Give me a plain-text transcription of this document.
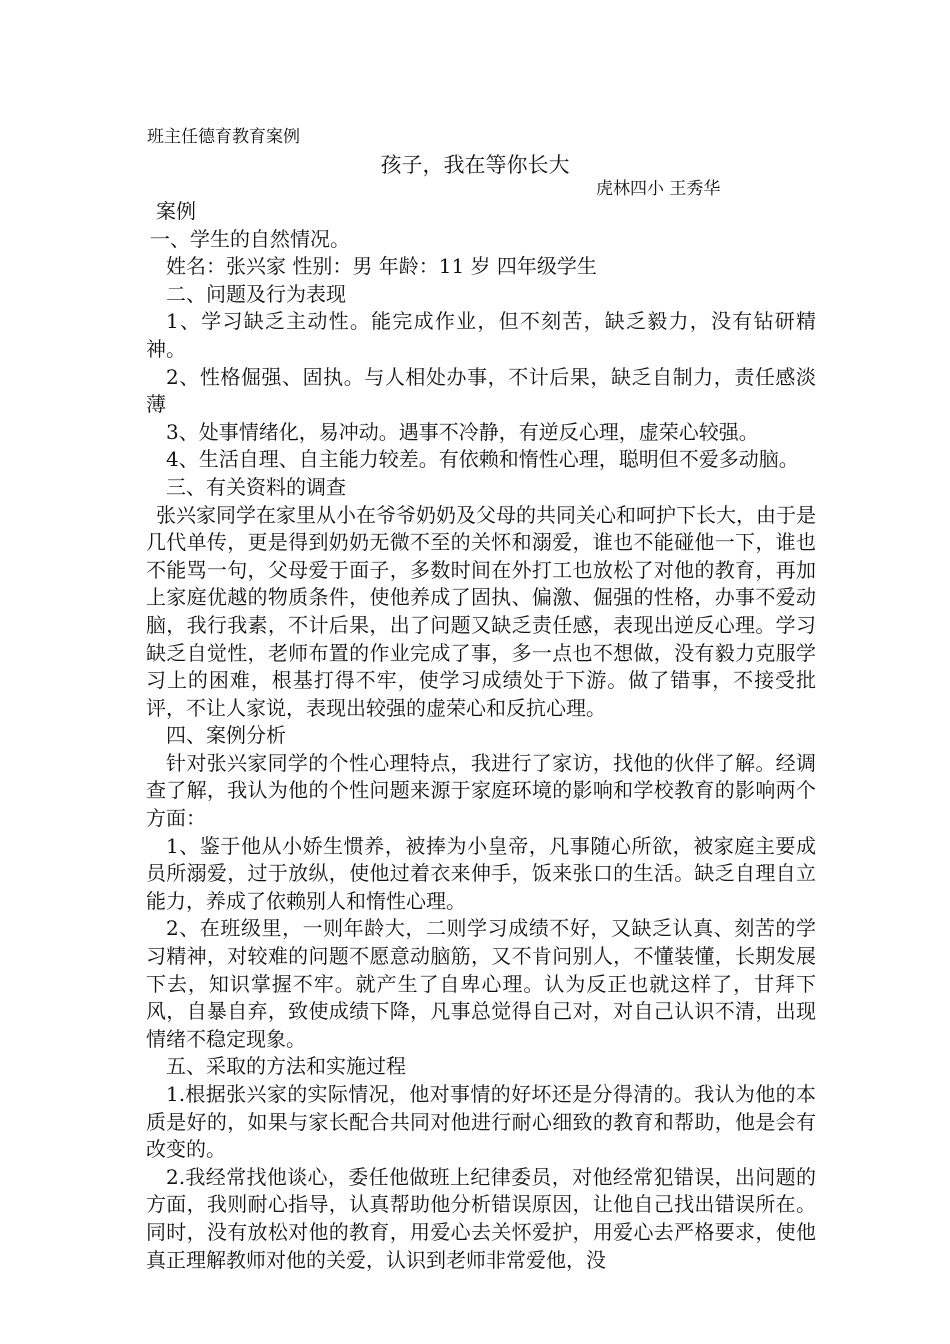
班主任德育教育案例
孩子，我在等你长大
虎林四小 王秀华

案例

一、学生的自然情况。

姓名：张兴家 性别：男 年龄：11 岁 四年级学生

二、问题及行为表现

1、学习缺乏主动性。能完成作业，但不刻苦，缺乏毅力，没有钻研精神。

2、性格倔强、固执。与人相处办事，不计后果，缺乏自制力，责任感淡薄

3、处事情绪化，易冲动。遇事不冷静，有逆反心理，虚荣心较强。

4、生活自理、自主能力较差。有依赖和惰性心理，聪明但不爱多动脑。

三、有关资料的调查

张兴家同学在家里从小在爷爷奶奶及父母的共同关心和呵护下长大，由于是几代单传，更是得到奶奶无微不至的关怀和溺爱，谁也不能碰他一下，谁也不能骂一句，父母爱于面子，多数时间在外打工也放松了对他的教育，再加上家庭优越的物质条件，使他养成了固执、偏激、倔强的性格，办事不爱动脑，我行我素，不计后果，出了问题又缺乏责任感，表现出逆反心理。学习缺乏自觉性，老师布置的作业完成了事，多一点也不想做，没有毅力克服学习上的困难，根基打得不牢，使学习成绩处于下游。做了错事，不接受批评，不让人家说，表现出较强的虚荣心和反抗心理。

四、案例分析

针对张兴家同学的个性心理特点，我进行了家访，找他的伙伴了解。经调查了解，我认为他的个性问题来源于家庭环境的影响和学校教育的影响两个方面：

1、鉴于他从小娇生惯养，被捧为小皇帝，凡事随心所欲，被家庭主要成员所溺爱，过于放纵，使他过着衣来伸手，饭来张口的生活。缺乏自理自立能力，养成了依赖别人和惰性心理。

2、在班级里，一则年龄大，二则学习成绩不好，又缺乏认真、刻苦的学习精神，对较难的问题不愿意动脑筋，又不肯问别人，不懂装懂，长期发展下去，知识掌握不牢。就产生了自卑心理。认为反正也就这样了，甘拜下风，自暴自弃，致使成绩下降，凡事总觉得自己对，对自己认识不清，出现情绪不稳定现象。

五、采取的方法和实施过程

1.根据张兴家的实际情况，他对事情的好坏还是分得清的。我认为他的本质是好的，如果与家长配合共同对他进行耐心细致的教育和帮助，他是会有改变的。

2.我经常找他谈心，委任他做班上纪律委员，对他经常犯错误，出问题的方面，我则耐心指导，认真帮助他分析错误原因，让他自己找出错误所在。同时，没有放松对他的教育，用爱心去关怀爱护，用爱心去严格要求，使他真正理解教师对他的关爱，认识到老师非常爱他，没
